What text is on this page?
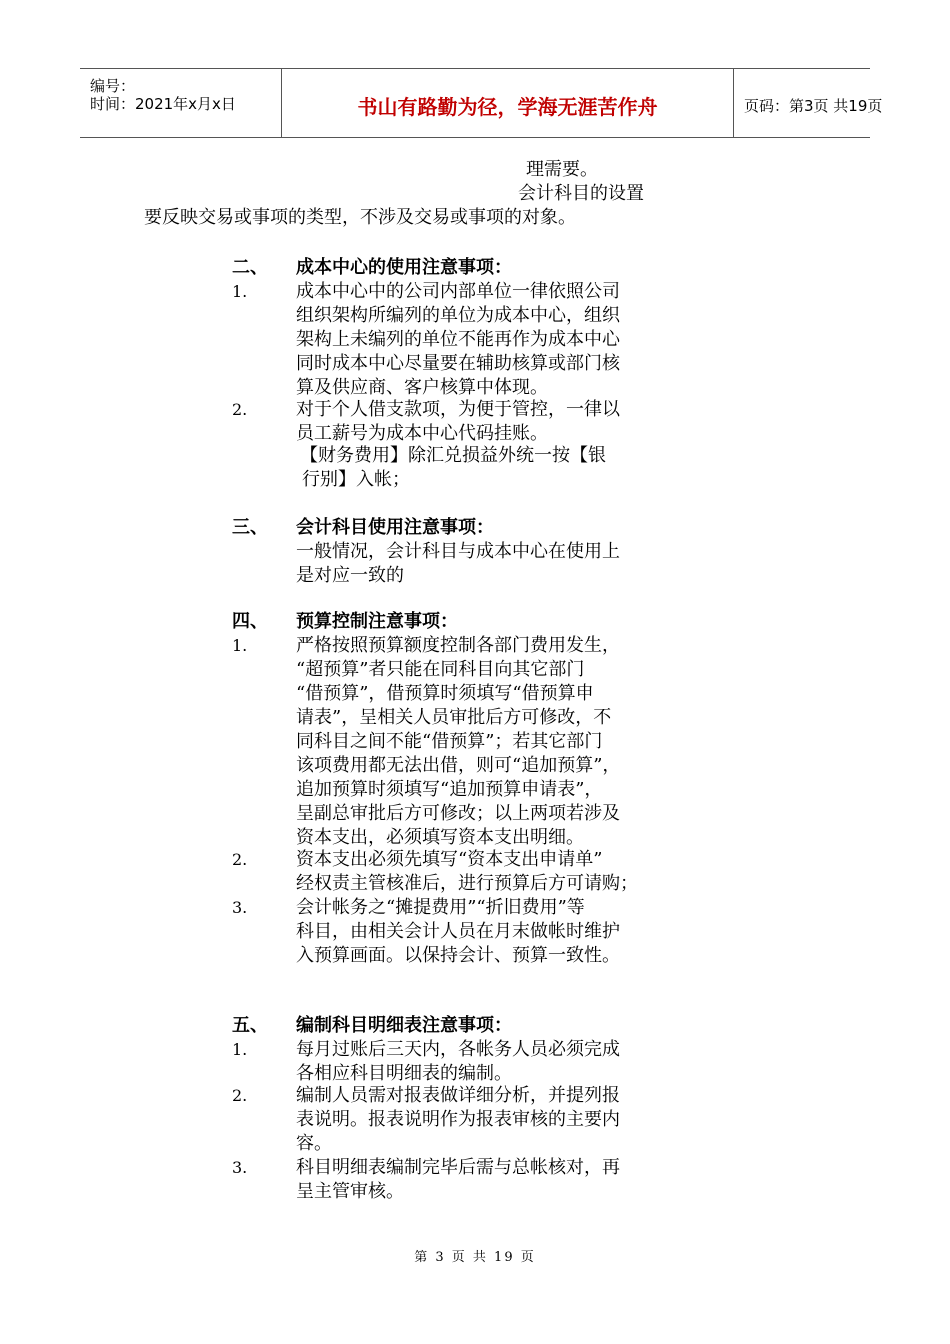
编号：
时间：2021年x月x日	书山有路勤为径，学海无涯苦作舟	页码：第3页 共19页
理需要。
会计科目的设置
要反映交易或事项的类型，不涉及交易或事项的对象。
二、 成本中心的使用注意事项：
1.	成本中心中的公司内部单位一律依照公司
组织架构所编列的单位为成本中心，组织
架构上未编列的单位不能再作为成本中心
同时成本中心尽量要在辅助核算或部门核
算及供应商、客户核算中体现。
2.	对于个人借支款项，为便于管控，一律以
员工薪号为成本中心代码挂账。
【财务费用】除汇兑损益外统一按【银
行别】入帐；
三、 会计科目使用注意事项：
一般情况，会计科目与成本中心在使用上
是对应一致的
四、 预算控制注意事项：
1.	严格按照预算额度控制各部门费用发生，
“超预算”者只能在同科目向其它部门
“借预算”，借预算时须填写“借预算申
请表”，呈相关人员审批后方可修改，不
同科目之间不能“借预算”；若其它部门
该项费用都无法出借，则可“追加预算”，
追加预算时须填写“追加预算申请表”，
呈副总审批后方可修改；以上两项若涉及
资本支出，必须填写资本支出明细。
2.	资本支出必须先填写“资本支出申请单”
经权责主管核准后，进行预算后方可请购；
3.	会计帐务之“摊提费用”“折旧费用”等
科目，由相关会计人员在月末做帐时维护
入预算画面。以保持会计、预算一致性。
五、 编制科目明细表注意事项：
1.	每月过账后三天内，各帐务人员必须完成
各相应科目明细表的编制。
2.	编制人员需对报表做详细分析，并提列报
表说明。报表说明作为报表审核的主要内
容。
3.	科目明细表编制完毕后需与总帐核对，再
呈主管审核。
第 3 页 共 19 页
